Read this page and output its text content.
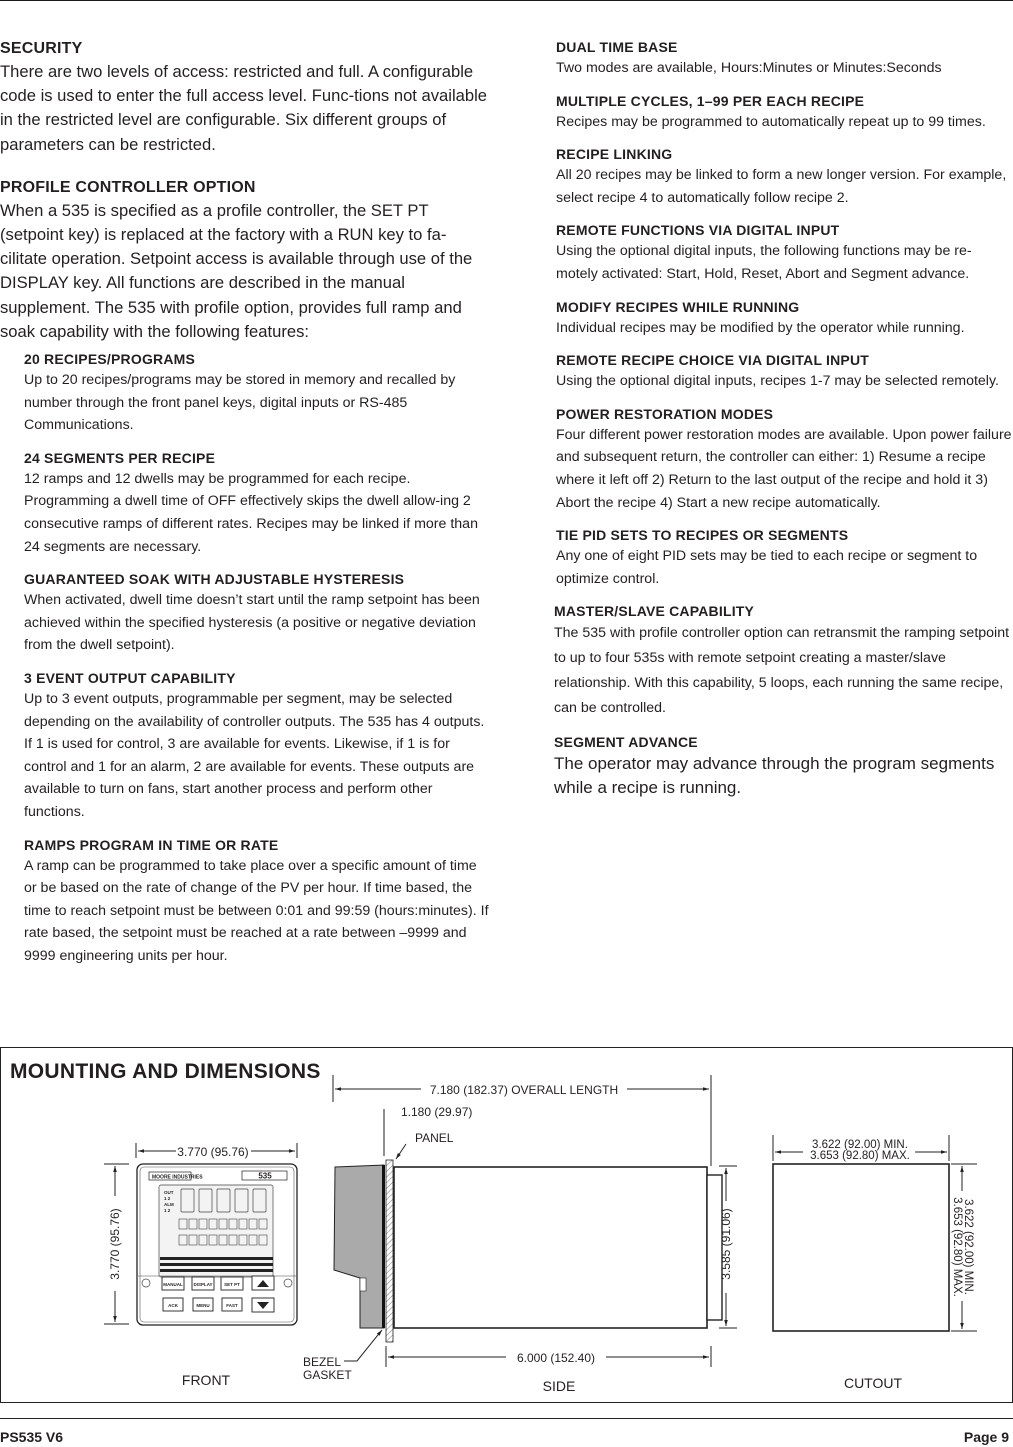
SECURITY

There are two levels of access: restricted and full. A configurable code is used to enter the full access level. Func-tions not available in the restricted level are configurable. Six different groups of parameters can be restricted.

PROFILE CONTROLLER OPTION

When a 535 is specified as a profile controller, the SET PT (setpoint key) is replaced at the factory with a RUN key to fa-cilitate operation. Setpoint access is available through use of the DISPLAY key. All functions are described in the manual supplement. The 535 with profile option, provides full ramp and soak capability with the following features:

20 RECIPES/PROGRAMS

Up to 20 recipes/programs may be stored in memory and recalled by number through the front panel keys, digital inputs or RS-485 Communications.

24 SEGMENTS PER RECIPE

12 ramps and 12 dwells may be programmed for each recipe. Programming a dwell time of OFF effectively skips the dwell allow-ing 2 consecutive ramps of different rates. Recipes may be linked if more than 24 segments are necessary.

GUARANTEED SOAK WITH ADJUSTABLE HYSTERESIS

When activated, dwell time doesn’t start until the ramp setpoint has been achieved within the specified hysteresis (a positive or negative deviation from the dwell setpoint).

3 EVENT OUTPUT CAPABILITY

Up to 3 event outputs, programmable per segment, may be selected depending on the availability of controller outputs. The 535 has 4 outputs. If 1 is used for control, 3 are available for events. Likewise, if 1 is for control and 1 for an alarm, 2 are available for events. These outputs are available to turn on fans, start another process and perform other functions.

RAMPS PROGRAM IN TIME OR RATE

A ramp can be programmed to take place over a specific amount of time or be based on the rate of change of the PV per hour. If time based, the time to reach setpoint must be between 0:01 and 99:59 (hours:minutes). If rate based, the setpoint must be reached at a rate between –9999 and 9999 engineering units per hour.

DUAL TIME BASE

Two modes are available, Hours:Minutes or Minutes:Seconds

MULTIPLE CYCLES, 1–99 PER EACH RECIPE

Recipes may be programmed to automatically repeat up to 99 times.

RECIPE LINKING

All 20 recipes may be linked to form a new longer version. For example, select recipe 4 to automatically follow recipe 2.

REMOTE FUNCTIONS VIA DIGITAL INPUT

Using the optional digital inputs, the following functions may be re-motely activated: Start, Hold, Reset, Abort and Segment advance.

MODIFY RECIPES WHILE RUNNING

Individual recipes may be modified by the operator while running.

REMOTE RECIPE CHOICE VIA DIGITAL INPUT

Using the optional digital inputs, recipes 1-7 may be selected remotely.

POWER RESTORATION MODES

Four different power restoration modes are available. Upon power failure and subsequent return, the controller can either: 1) Resume a recipe where it left off 2) Return to the last output of the recipe and hold it 3) Abort the recipe 4) Start a new recipe automatically.

TIE PID SETS TO RECIPES OR SEGMENTS

Any one of eight PID sets may be tied to each recipe or segment to optimize control.

MASTER/SLAVE CAPABILITY

The 535 with profile controller option can retransmit the ramping setpoint to up to four 535s with remote setpoint creating a master/slave relationship. With this capability, 5 loops, each running the same recipe, can be controlled.

SEGMENT ADVANCE

The operator may advance through the program segments while a recipe is running.

MOUNTING AND DIMENSIONS
3.770 (95.76)
3.770 (95.76)
MOORE INDUSTRIES	535
OUT
1 2
ALM
1 2
MANUAL DISPLAY	SET PT
ACK	MENU	FAST
FRONT
7.180 (182.37) OVERALL LENGTH
1.180 (29.97)
PANEL
3.585 (91.06)
6.000 (152.40)
BEZEL
GASKET
SIDE
3.622 (92.00) MIN.
3.653 (92.80) MAX.
3.622 (92.00) MIN.
3.653 (92.80) MAX.
CUTOUT
PS535 V6	Page 9
